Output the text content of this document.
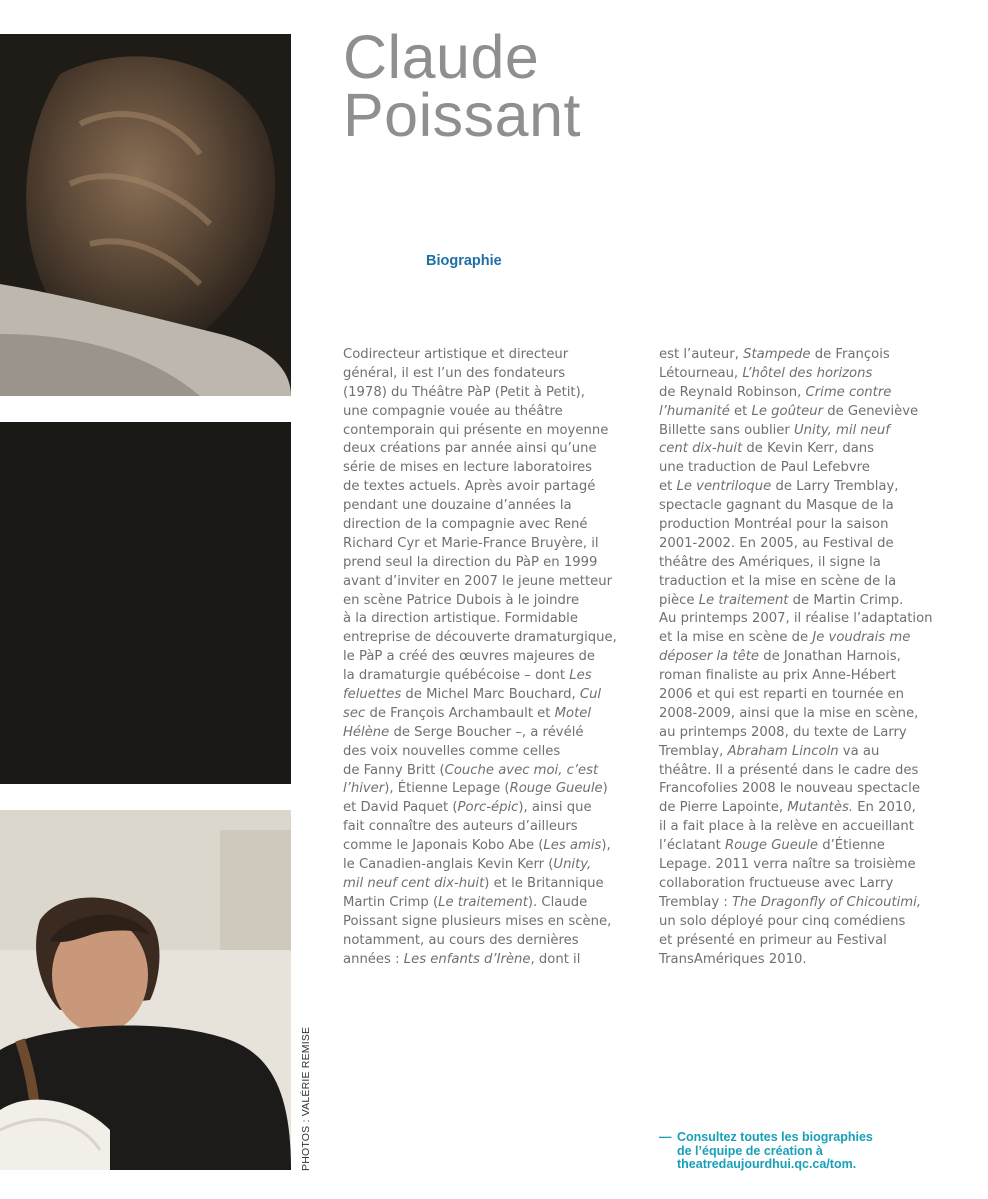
PHOTOS : VALÉRIE REMISE
Claude
Poissant
Biographie
Codirecteur artistique et directeur
général, il est l’un des fondateurs
(1978) du Théâtre PàP (Petit à Petit),
une compagnie vouée au théâtre
contemporain qui présente en moyenne
deux créations par année ainsi qu’une
série de mises en lecture laboratoires
de textes actuels. Après avoir partagé
pendant une douzaine d’années la
direction de la compagnie avec René
Richard Cyr et Marie-France Bruyère, il
prend seul la direction du PàP en 1999
avant d’inviter en 2007 le jeune metteur
en scène Patrice Dubois à le joindre
à la direction artistique. Formidable
entreprise de découverte dramaturgique,
le PàP a créé des œuvres majeures de
la dramaturgie québécoise – dont Les
feluettes de Michel Marc Bouchard, Cul
sec de François Archambault et Motel
Hélène de Serge Boucher –, a révélé
des voix nouvelles comme celles
de Fanny Britt (Couche avec moi, c’est
l’hiver), Étienne Lepage (Rouge Gueule)
et David Paquet (Porc-épic), ainsi que
fait connaître des auteurs d’ailleurs
comme le Japonais Kobo Abe (Les amis),
le Canadien-anglais Kevin Kerr (Unity,
mil neuf cent dix-huit) et le Britannique
Martin Crimp (Le traitement). Claude
Poissant signe plusieurs mises en scène,
notamment, au cours des dernières
années : Les enfants d’Irène, dont il
est l’auteur, Stampede de François
Létourneau, L’hôtel des horizons
de Reynald Robinson, Crime contre
l’humanité et Le goûteur de Geneviève
Billette sans oublier Unity, mil neuf
cent dix-huit de Kevin Kerr, dans
une traduction de Paul Lefebvre
et Le ventriloque de Larry Tremblay,
spectacle gagnant du Masque de la
production Montréal pour la saison
2001-2002. En 2005, au Festival de
théâtre des Amériques, il signe la
traduction et la mise en scène de la
pièce Le traitement de Martin Crimp.
Au printemps 2007, il réalise l’adaptation
et la mise en scène de Je voudrais me
déposer la tête de Jonathan Harnois,
roman finaliste au prix Anne-Hébert
2006 et qui est reparti en tournée en
2008-2009, ainsi que la mise en scène,
au printemps 2008, du texte de Larry
Tremblay, Abraham Lincoln va au
théâtre. Il a présenté dans le cadre des
Francofolies 2008 le nouveau spectacle
de Pierre Lapointe, Mutantès. En 2010,
il a fait place à la relève en accueillant
l’éclatant Rouge Gueule d’Étienne
Lepage. 2011 verra naître sa troisième
collaboration fructueuse avec Larry
Tremblay : The Dragonfly of Chicoutimi,
un solo déployé pour cinq comédiens
et présenté en primeur au Festival
TransAmériques 2010.
— Consultez toutes les biographies
de l’équipe de création à
theatredaujourdhui.qc.ca/tom.
